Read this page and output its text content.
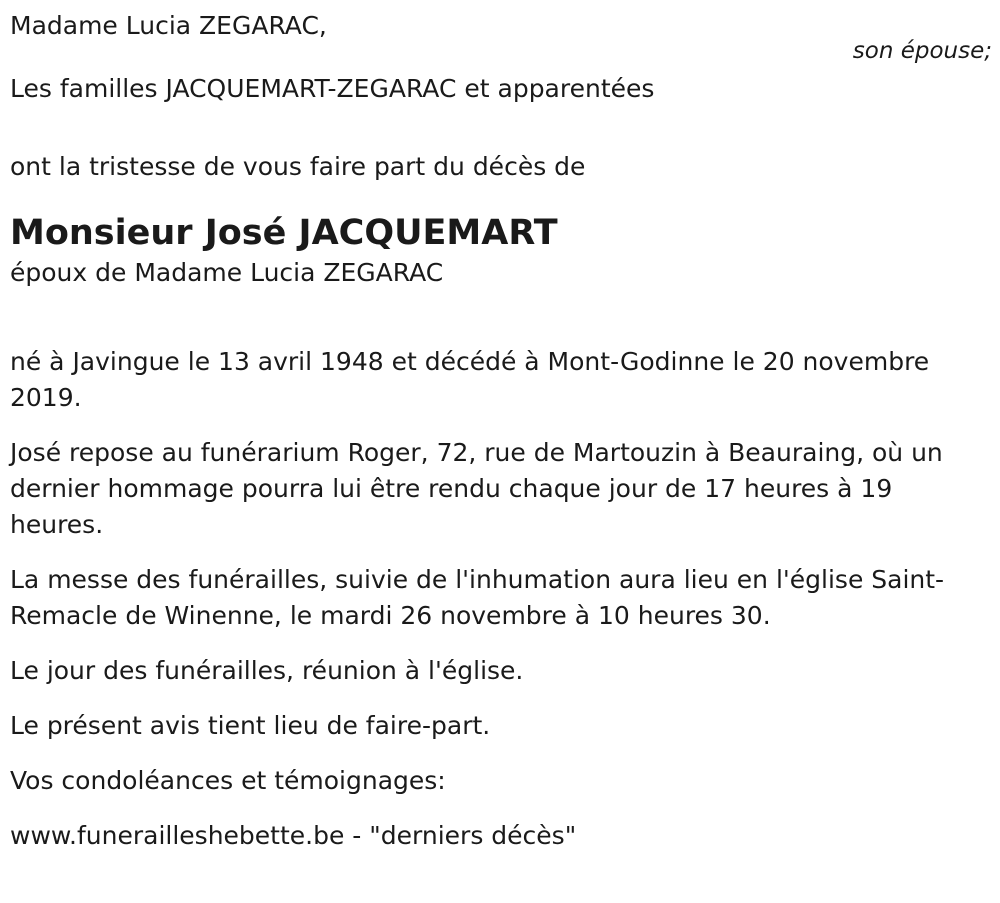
Madame Lucia ZEGARAC,
son épouse;

Les familles JACQUEMART-ZEGARAC et apparentées

ont la tristesse de vous faire part du décès de

Monsieur José JACQUEMART

époux de Madame Lucia ZEGARAC

né à Javingue le 13 avril 1948 et décédé à Mont-Godinne le 20 novembre 2019.

José repose au funérarium Roger, 72, rue de Martouzin à Beauraing, où un dernier hommage pourra lui être rendu chaque jour de 17 heures à 19 heures.

La messe des funérailles, suivie de l'inhumation aura lieu en l'église Saint-Remacle de Winenne, le mardi 26 novembre à 10 heures 30.

Le jour des funérailles, réunion à l'église.

Le présent avis tient lieu de faire-part.

Vos condoléances et témoignages:

www.funerailleshebette.be - "derniers décès"
